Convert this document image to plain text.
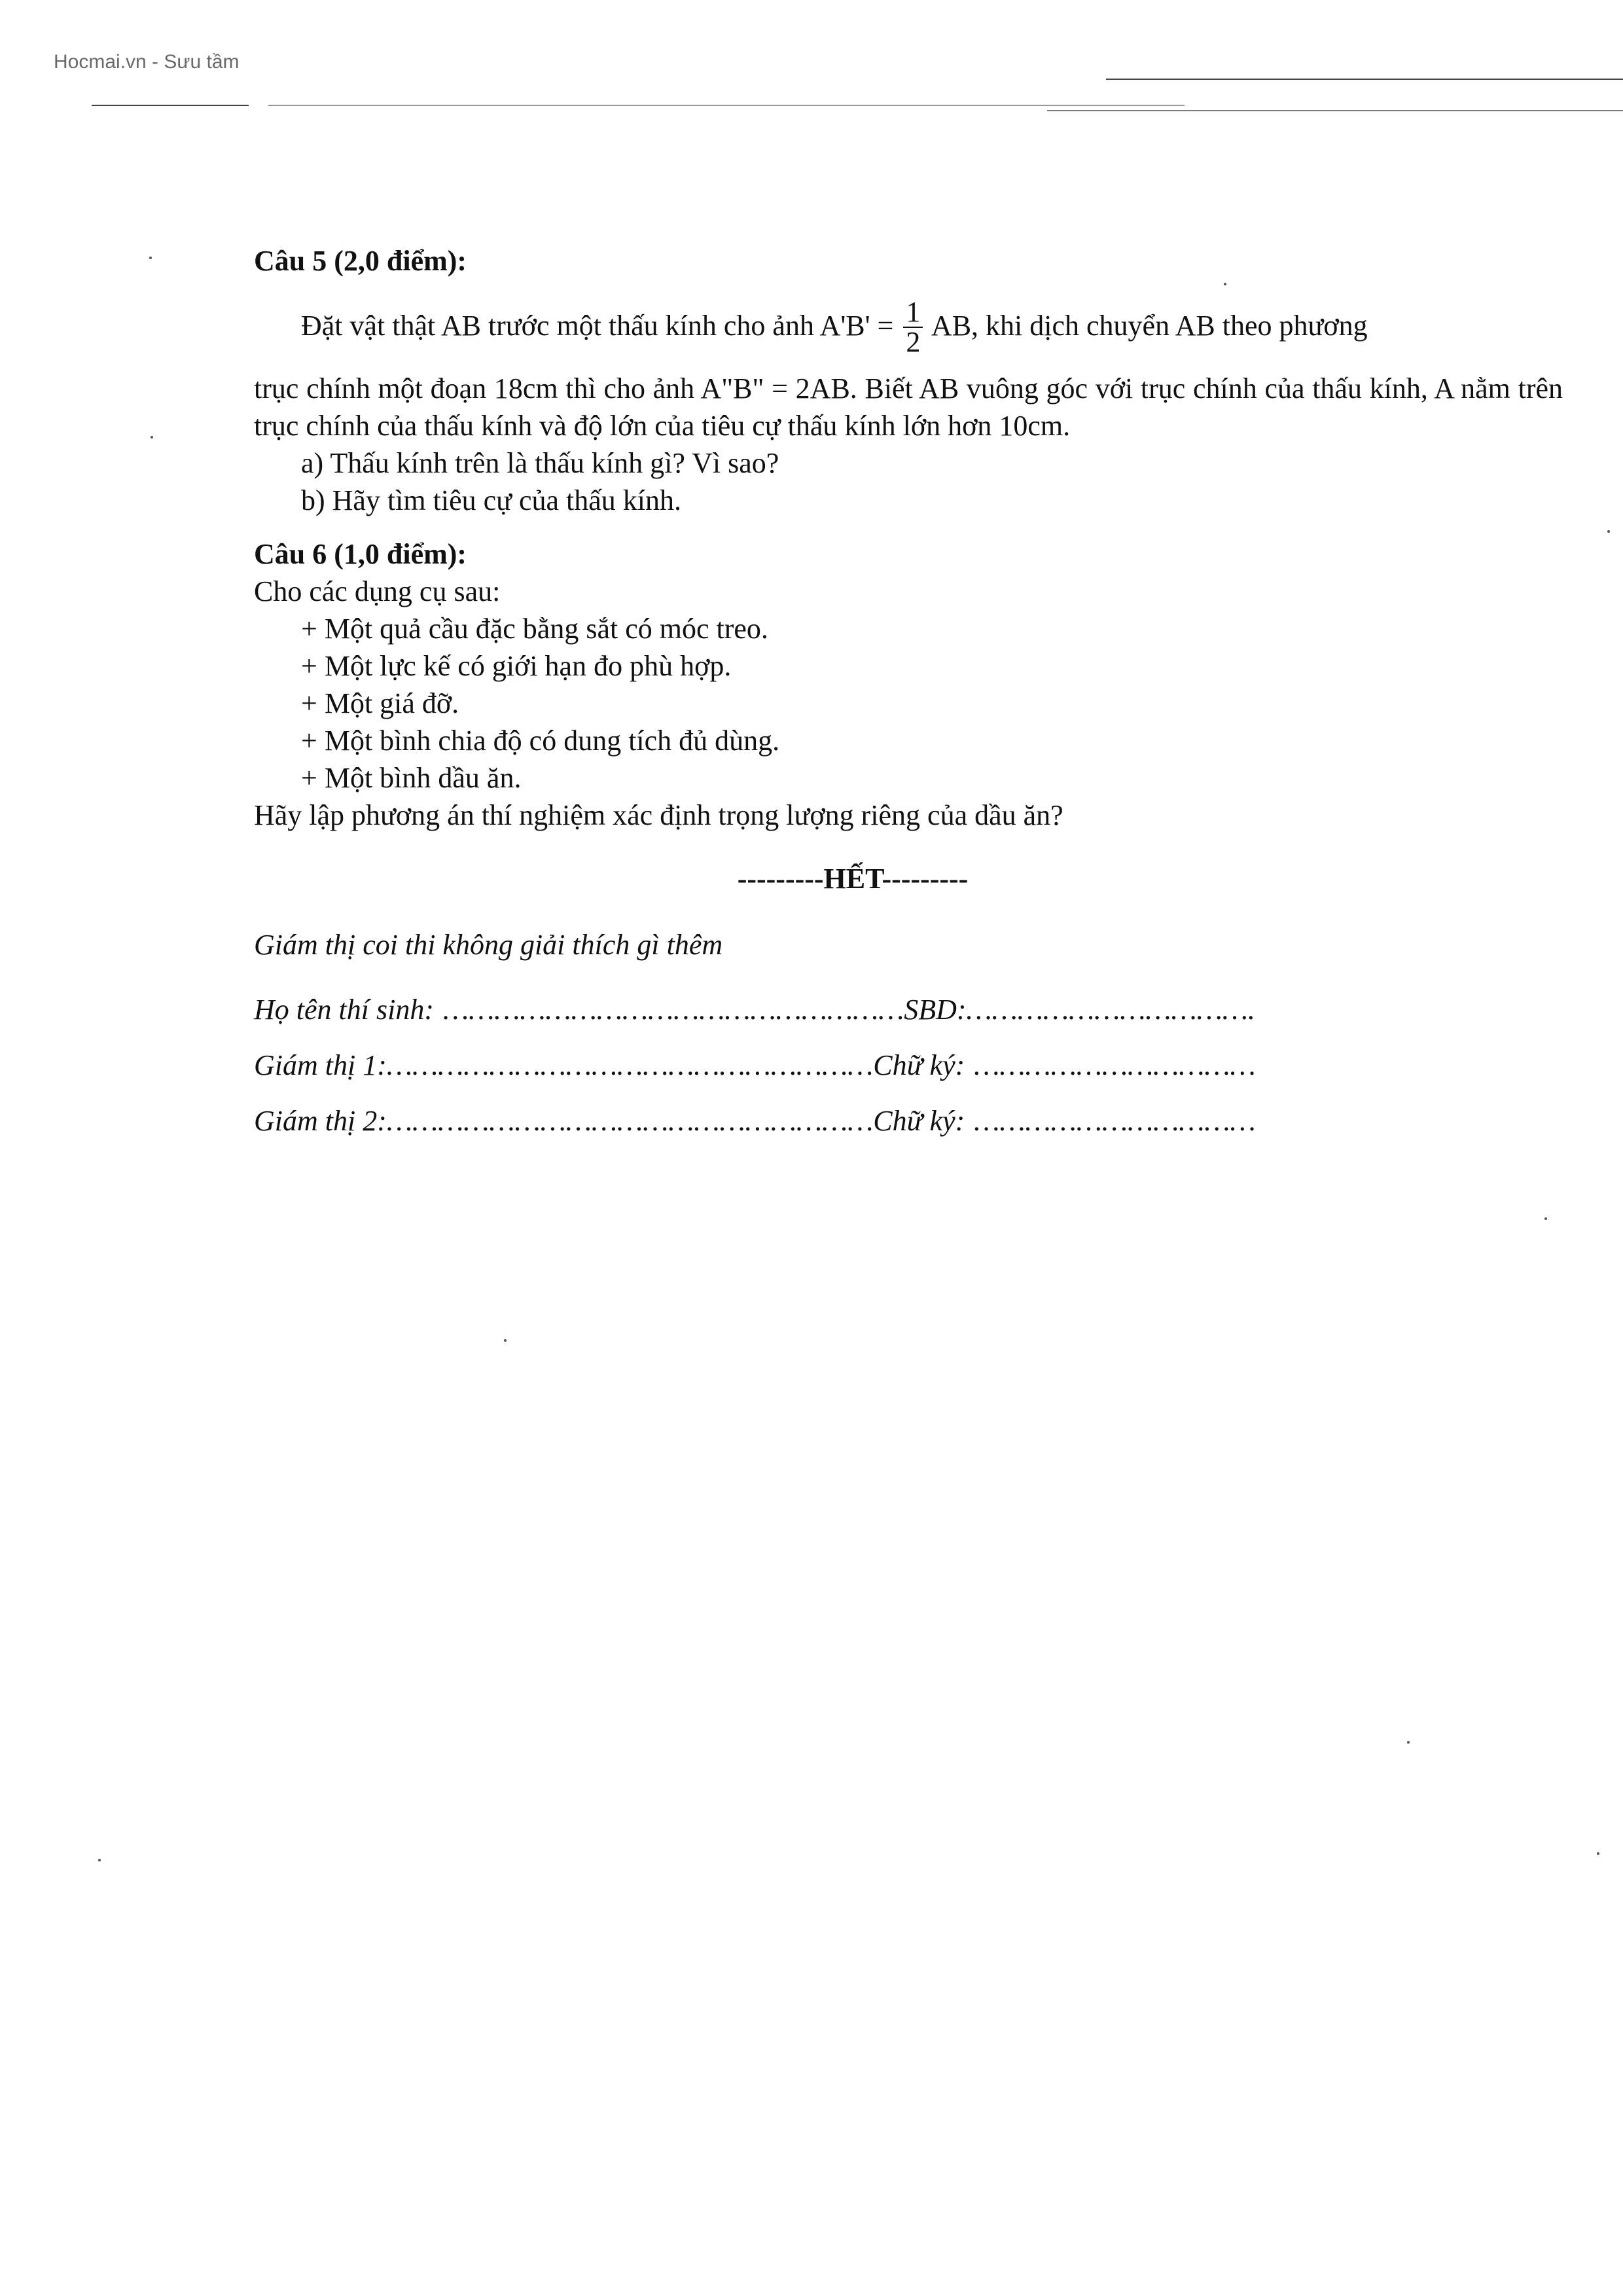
Hocmai.vn - Sưu tầm

Câu 5 (2,0 điểm):

Đặt vật thật AB trước một thấu kính cho ảnh $A'B' = \frac{1}{2}$ AB, khi dịch chuyển AB theo phương

trục chính một đoạn 18cm thì cho ảnh A"B" = 2AB. Biết AB vuông góc với trục chính của thấu kính, A nằm trên trục chính của thấu kính và độ lớn của tiêu cự thấu kính lớn hơn 10cm.

a) Thấu kính trên là thấu kính gì? Vì sao?

b) Hãy tìm tiêu cự của thấu kính.

Câu 6 (1,0 điểm):

Cho các dụng cụ sau:

+ Một quả cầu đặc bằng sắt có móc treo.

+ Một lực kế có giới hạn đo phù hợp.

+ Một giá đỡ.

+ Một bình chia độ có dung tích đủ dùng.

+ Một bình dầu ăn.

Hãy lập phương án thí nghiệm xác định trọng lượng riêng của dầu ăn?

---------HẾT---------

Giám thị coi thi không giải thích gì thêm

Họ tên thí sinh: ………………………………………………SBD:…………………………….

Giám thị 1:…………………………………………………Chữ ký: ……………………………

Giám thị 2:…………………………………………………Chữ ký: ……………………………
